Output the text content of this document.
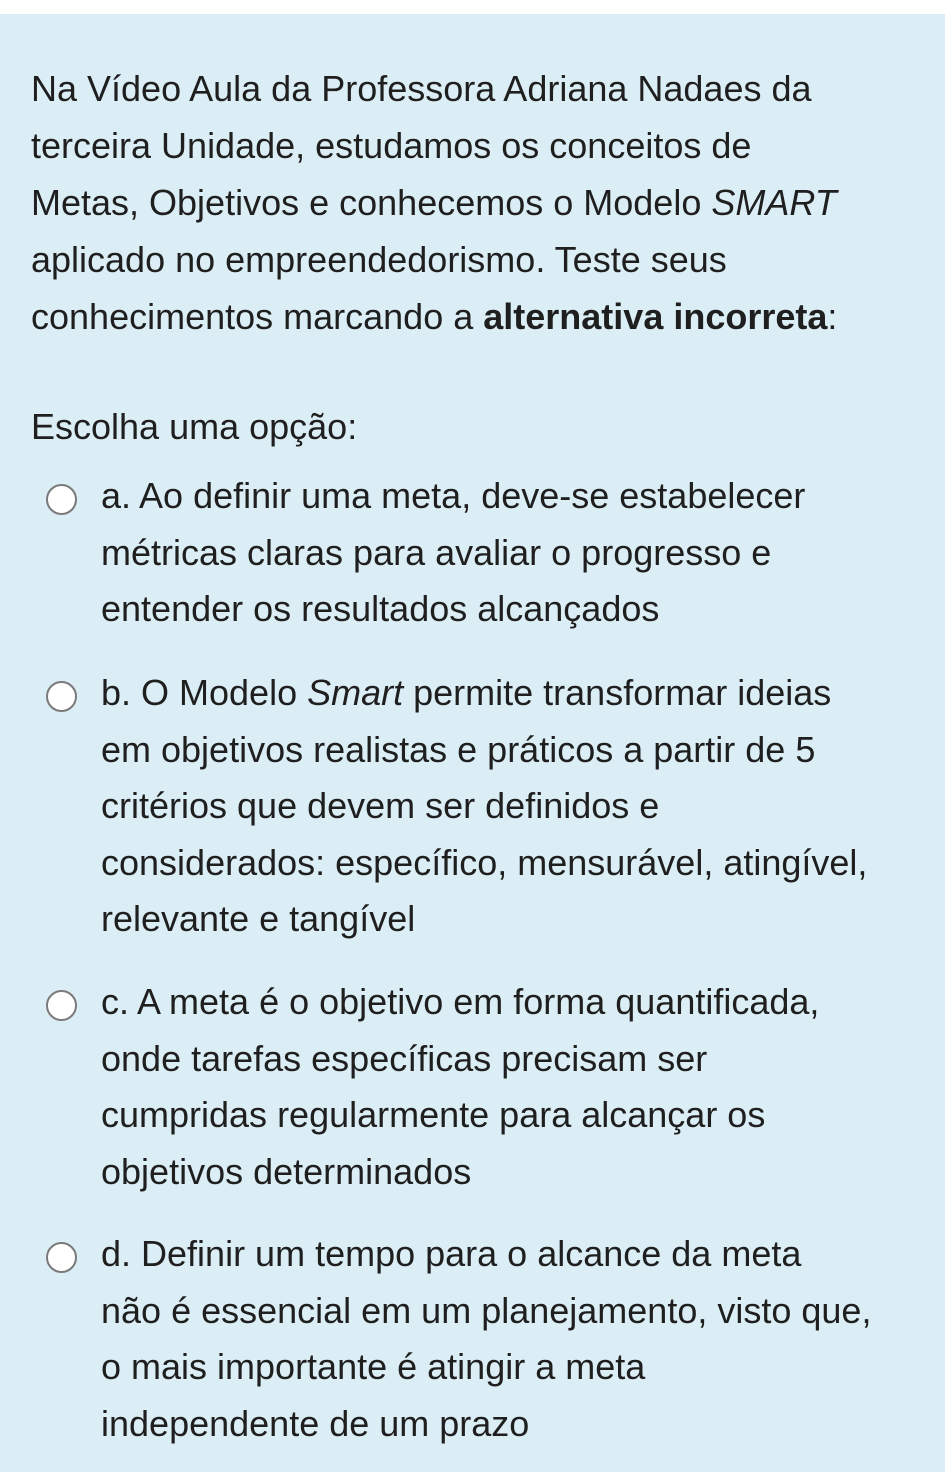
Na Vídeo Aula da Professora Adriana Nadaes da
terceira Unidade, estudamos os conceitos de
Metas, Objetivos e conhecemos o Modelo SMART
aplicado no empreendedorismo. Teste seus
conhecimentos marcando a alternativa incorreta:
Escolha uma opção:
a. Ao definir uma meta, deve-se estabelecer
métricas claras para avaliar o progresso e
entender os resultados alcançados
b. O Modelo Smart permite transformar ideias
em objetivos realistas e práticos a partir de 5
critérios que devem ser definidos e
considerados: específico, mensurável, atingível,
relevante e tangível
c. A meta é o objetivo em forma quantificada,
onde tarefas específicas precisam ser
cumpridas regularmente para alcançar os
objetivos determinados
d. Definir um tempo para o alcance da meta
não é essencial em um planejamento, visto que,
o mais importante é atingir a meta
independente de um prazo
